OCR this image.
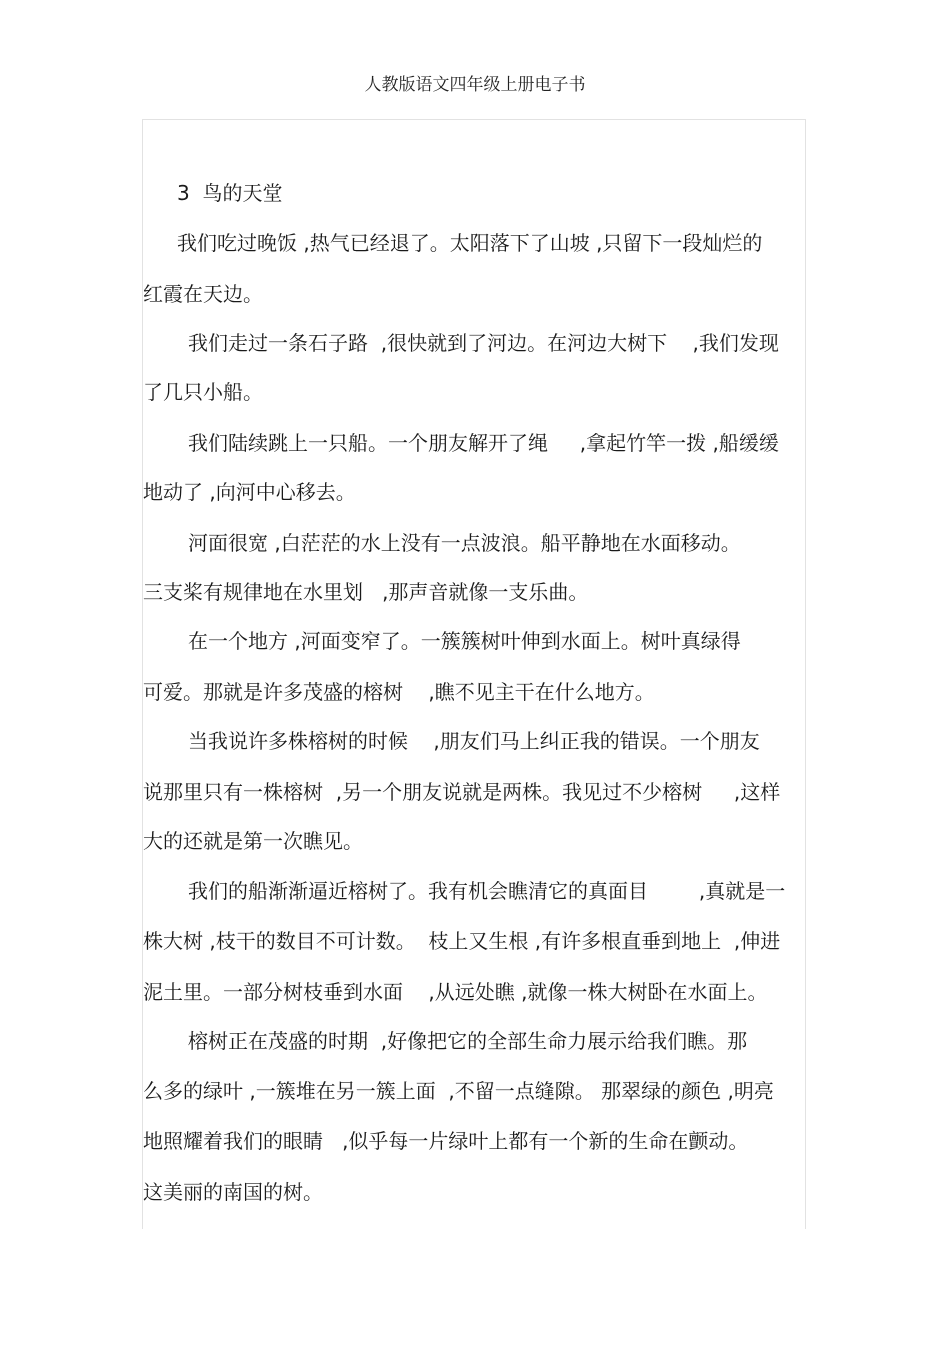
人教版语文四年级上册电子书
3  鸟的天堂
我们吃过晚饭 ,热气已经退了。太阳落下了山坡 ,只留下一段灿烂的
红霞在天边。
我们走过一条石子路  ,很快就到了河边。在河边大树下    ,我们发现
了几只小船。
我们陆续跳上一只船。一个朋友解开了绳     ,拿起竹竿一拨 ,船缓缓
地动了 ,向河中心移去。
河面很宽 ,白茫茫的水上没有一点波浪。船平静地在水面移动。
三支桨有规律地在水里划   ,那声音就像一支乐曲。
在一个地方 ,河面变窄了。一簇簇树叶伸到水面上。树叶真绿得
可爱。那就是许多茂盛的榕树    ,瞧不见主干在什么地方。
当我说许多株榕树的时候    ,朋友们马上纠正我的错误。一个朋友
说那里只有一株榕树  ,另一个朋友说就是两株。我见过不少榕树     ,这样
大的还就是第一次瞧见。
我们的船渐渐逼近榕树了。我有机会瞧清它的真面目        ,真就是一
株大树 ,枝干的数目不可计数。  枝上又生根 ,有许多根直垂到地上  ,伸进
泥土里。一部分树枝垂到水面    ,从远处瞧 ,就像一株大树卧在水面上。
榕树正在茂盛的时期  ,好像把它的全部生命力展示给我们瞧。那
么多的绿叶 ,一簇堆在另一簇上面  ,不留一点缝隙。 那翠绿的颜色 ,明亮
地照耀着我们的眼睛   ,似乎每一片绿叶上都有一个新的生命在颤动。
这美丽的南国的树。
